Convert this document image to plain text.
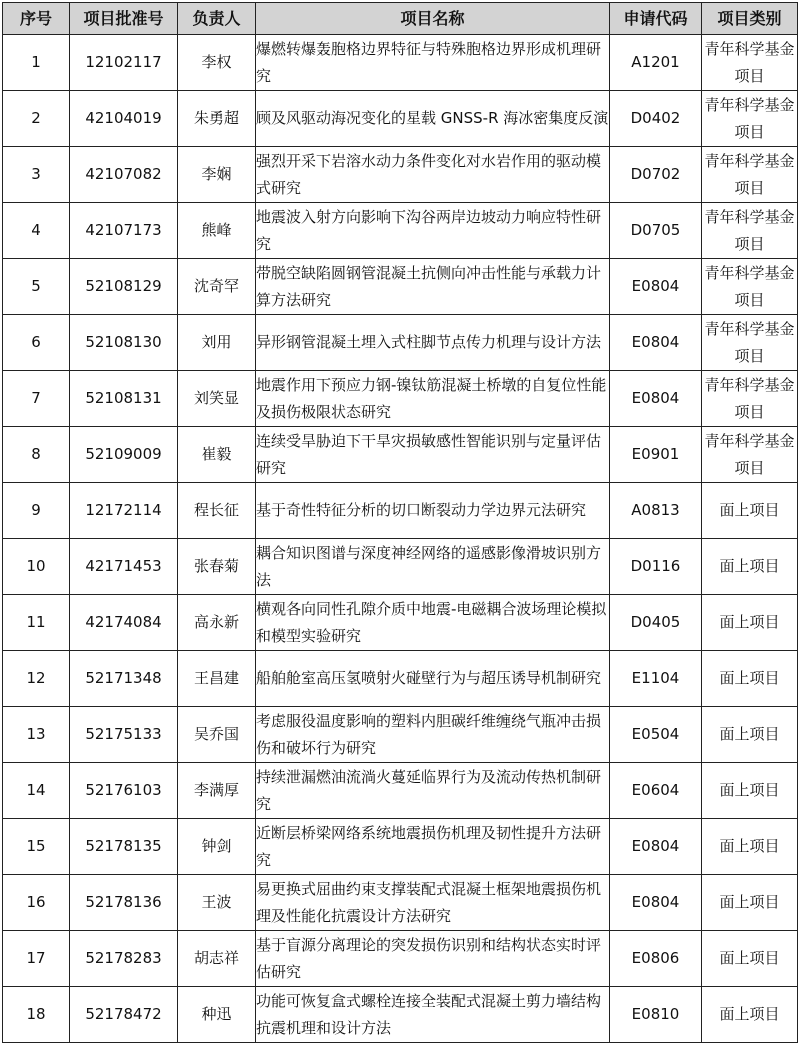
序号	项目批准号	负责人	项目名称	申请代码	项目类别
1	12102117	李权	爆燃转爆轰胞格边界特征与特殊胞格边界形成机理研究	A1201	青年科学基金项目
2	42104019	朱勇超	顾及风驱动海况变化的星载 GNSS-R 海冰密集度反演	D0402	青年科学基金项目
3	42107082	李娴	强烈开采下岩溶水动力条件变化对水岩作用的驱动模式研究	D0702	青年科学基金项目
4	42107173	熊峰	地震波入射方向影响下沟谷两岸边坡动力响应特性研究	D0705	青年科学基金项目
5	52108129	沈奇罕	带脱空缺陷圆钢管混凝土抗侧向冲击性能与承载力计算方法研究	E0804	青年科学基金项目
6	52108130	刘用	异形钢管混凝土埋入式柱脚节点传力机理与设计方法	E0804	青年科学基金项目
7	52108131	刘笑显	地震作用下预应力钢-镍钛筋混凝土桥墩的自复位性能及损伤极限状态研究	E0804	青年科学基金项目
8	52109009	崔毅	连续受旱胁迫下干旱灾损敏感性智能识别与定量评估研究	E0901	青年科学基金项目
9	12172114	程长征	基于奇性特征分析的切口断裂动力学边界元法研究	A0813	面上项目
10	42171453	张春菊	耦合知识图谱与深度神经网络的遥感影像滑坡识别方法	D0116	面上项目
11	42174084	高永新	横观各向同性孔隙介质中地震-电磁耦合波场理论模拟和模型实验研究	D0405	面上项目
12	52171348	王昌建	船舶舱室高压氢喷射火碰壁行为与超压诱导机制研究	E1104	面上项目
13	52175133	吴乔国	考虑服役温度影响的塑料内胆碳纤维缠绕气瓶冲击损伤和破坏行为研究	E0504	面上项目
14	52176103	李满厚	持续泄漏燃油流淌火蔓延临界行为及流动传热机制研究	E0604	面上项目
15	52178135	钟剑	近断层桥梁网络系统地震损伤机理及韧性提升方法研究	E0804	面上项目
16	52178136	王波	易更换式屈曲约束支撑装配式混凝土框架地震损伤机理及性能化抗震设计方法研究	E0804	面上项目
17	52178283	胡志祥	基于盲源分离理论的突发损伤识别和结构状态实时评估研究	E0806	面上项目
18	52178472	种迅	功能可恢复盒式螺栓连接全装配式混凝土剪力墙结构抗震机理和设计方法	E0810	面上项目
